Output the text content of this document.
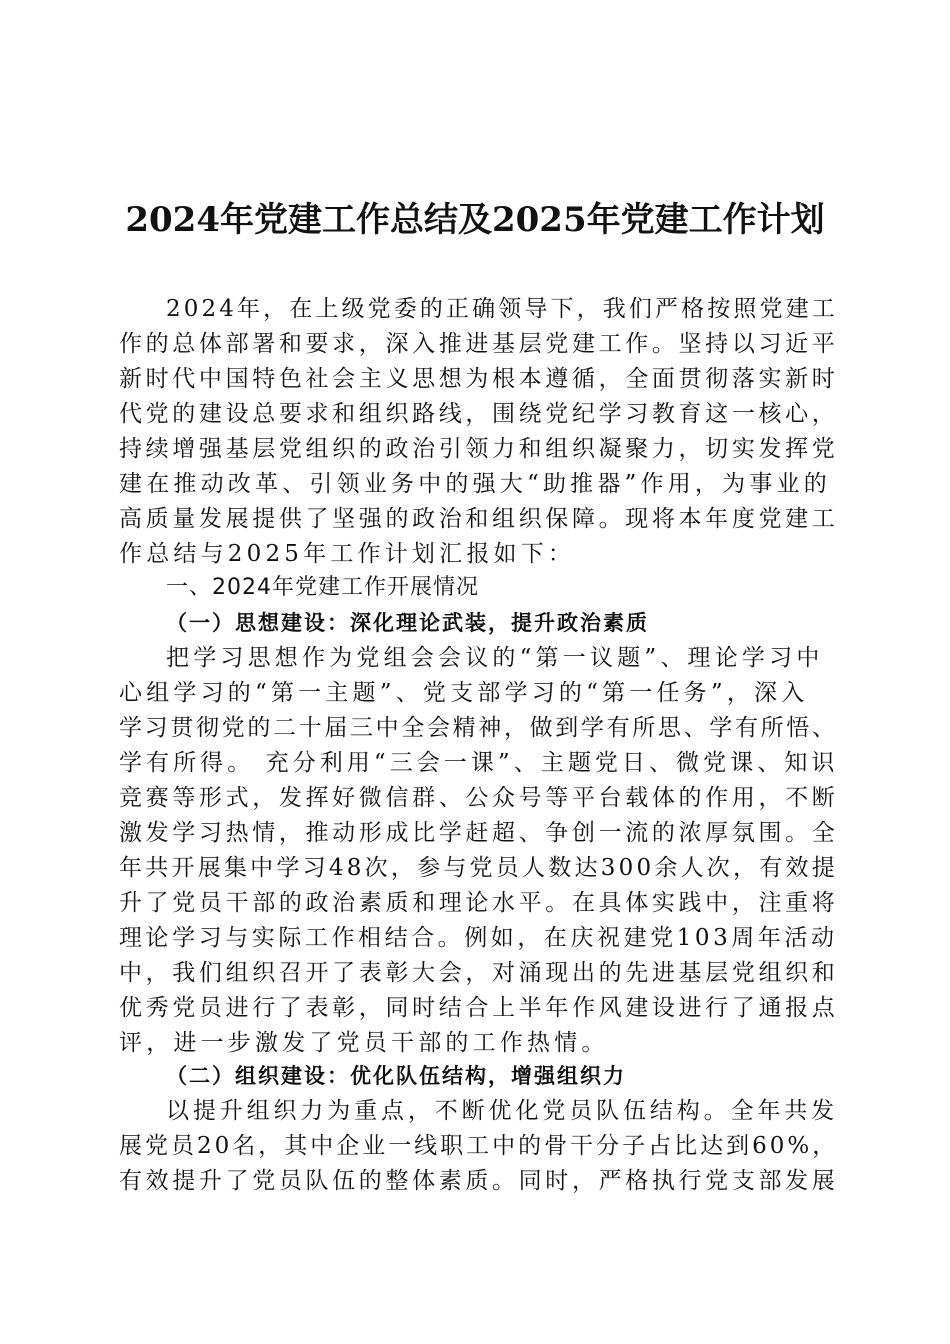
2024年党建工作总结及2025年党建工作计划
2024年，在上级党委的正确领导下，我们严格按照党建工
作的总体部署和要求，深入推进基层党建工作。坚持以习近平
新时代中国特色社会主义思想为根本遵循，全面贯彻落实新时
代党的建设总要求和组织路线，围绕党纪学习教育这一核心，
持续增强基层党组织的政治引领力和组织凝聚力，切实发挥党
建在推动改革、引领业务中的强大“助推器”作用，为事业的
高质量发展提供了坚强的政治和组织保障。现将本年度党建工
作总结与2025年工作计划汇报如下：
一、2024年党建工作开展情况
（一）思想建设：深化理论武装，提升政治素质
把学习思想作为党组会会议的“第一议题”、理论学习中
心组学习的“第一主题”、党支部学习的“第一任务”，深入
学习贯彻党的二十届三中全会精神，做到学有所思、学有所悟、
学有所得。 充分利用“三会一课”、主题党日、微党课、知识
竞赛等形式，发挥好微信群、公众号等平台载体的作用，不断
激发学习热情，推动形成比学赶超、争创一流的浓厚氛围。全
年共开展集中学习48次，参与党员人数达300余人次，有效提
升了党员干部的政治素质和理论水平。在具体实践中，注重将
理论学习与实际工作相结合。例如，在庆祝建党103周年活动
中，我们组织召开了表彰大会，对涌现出的先进基层党组织和
优秀党员进行了表彰，同时结合上半年作风建设进行了通报点
评，进一步激发了党员干部的工作热情。
（二）组织建设：优化队伍结构，增强组织力
以提升组织力为重点，不断优化党员队伍结构。全年共发
展党员20名，其中企业一线职工中的骨干分子占比达到60%，
有效提升了党员队伍的整体素质。同时，严格执行党支部发展
